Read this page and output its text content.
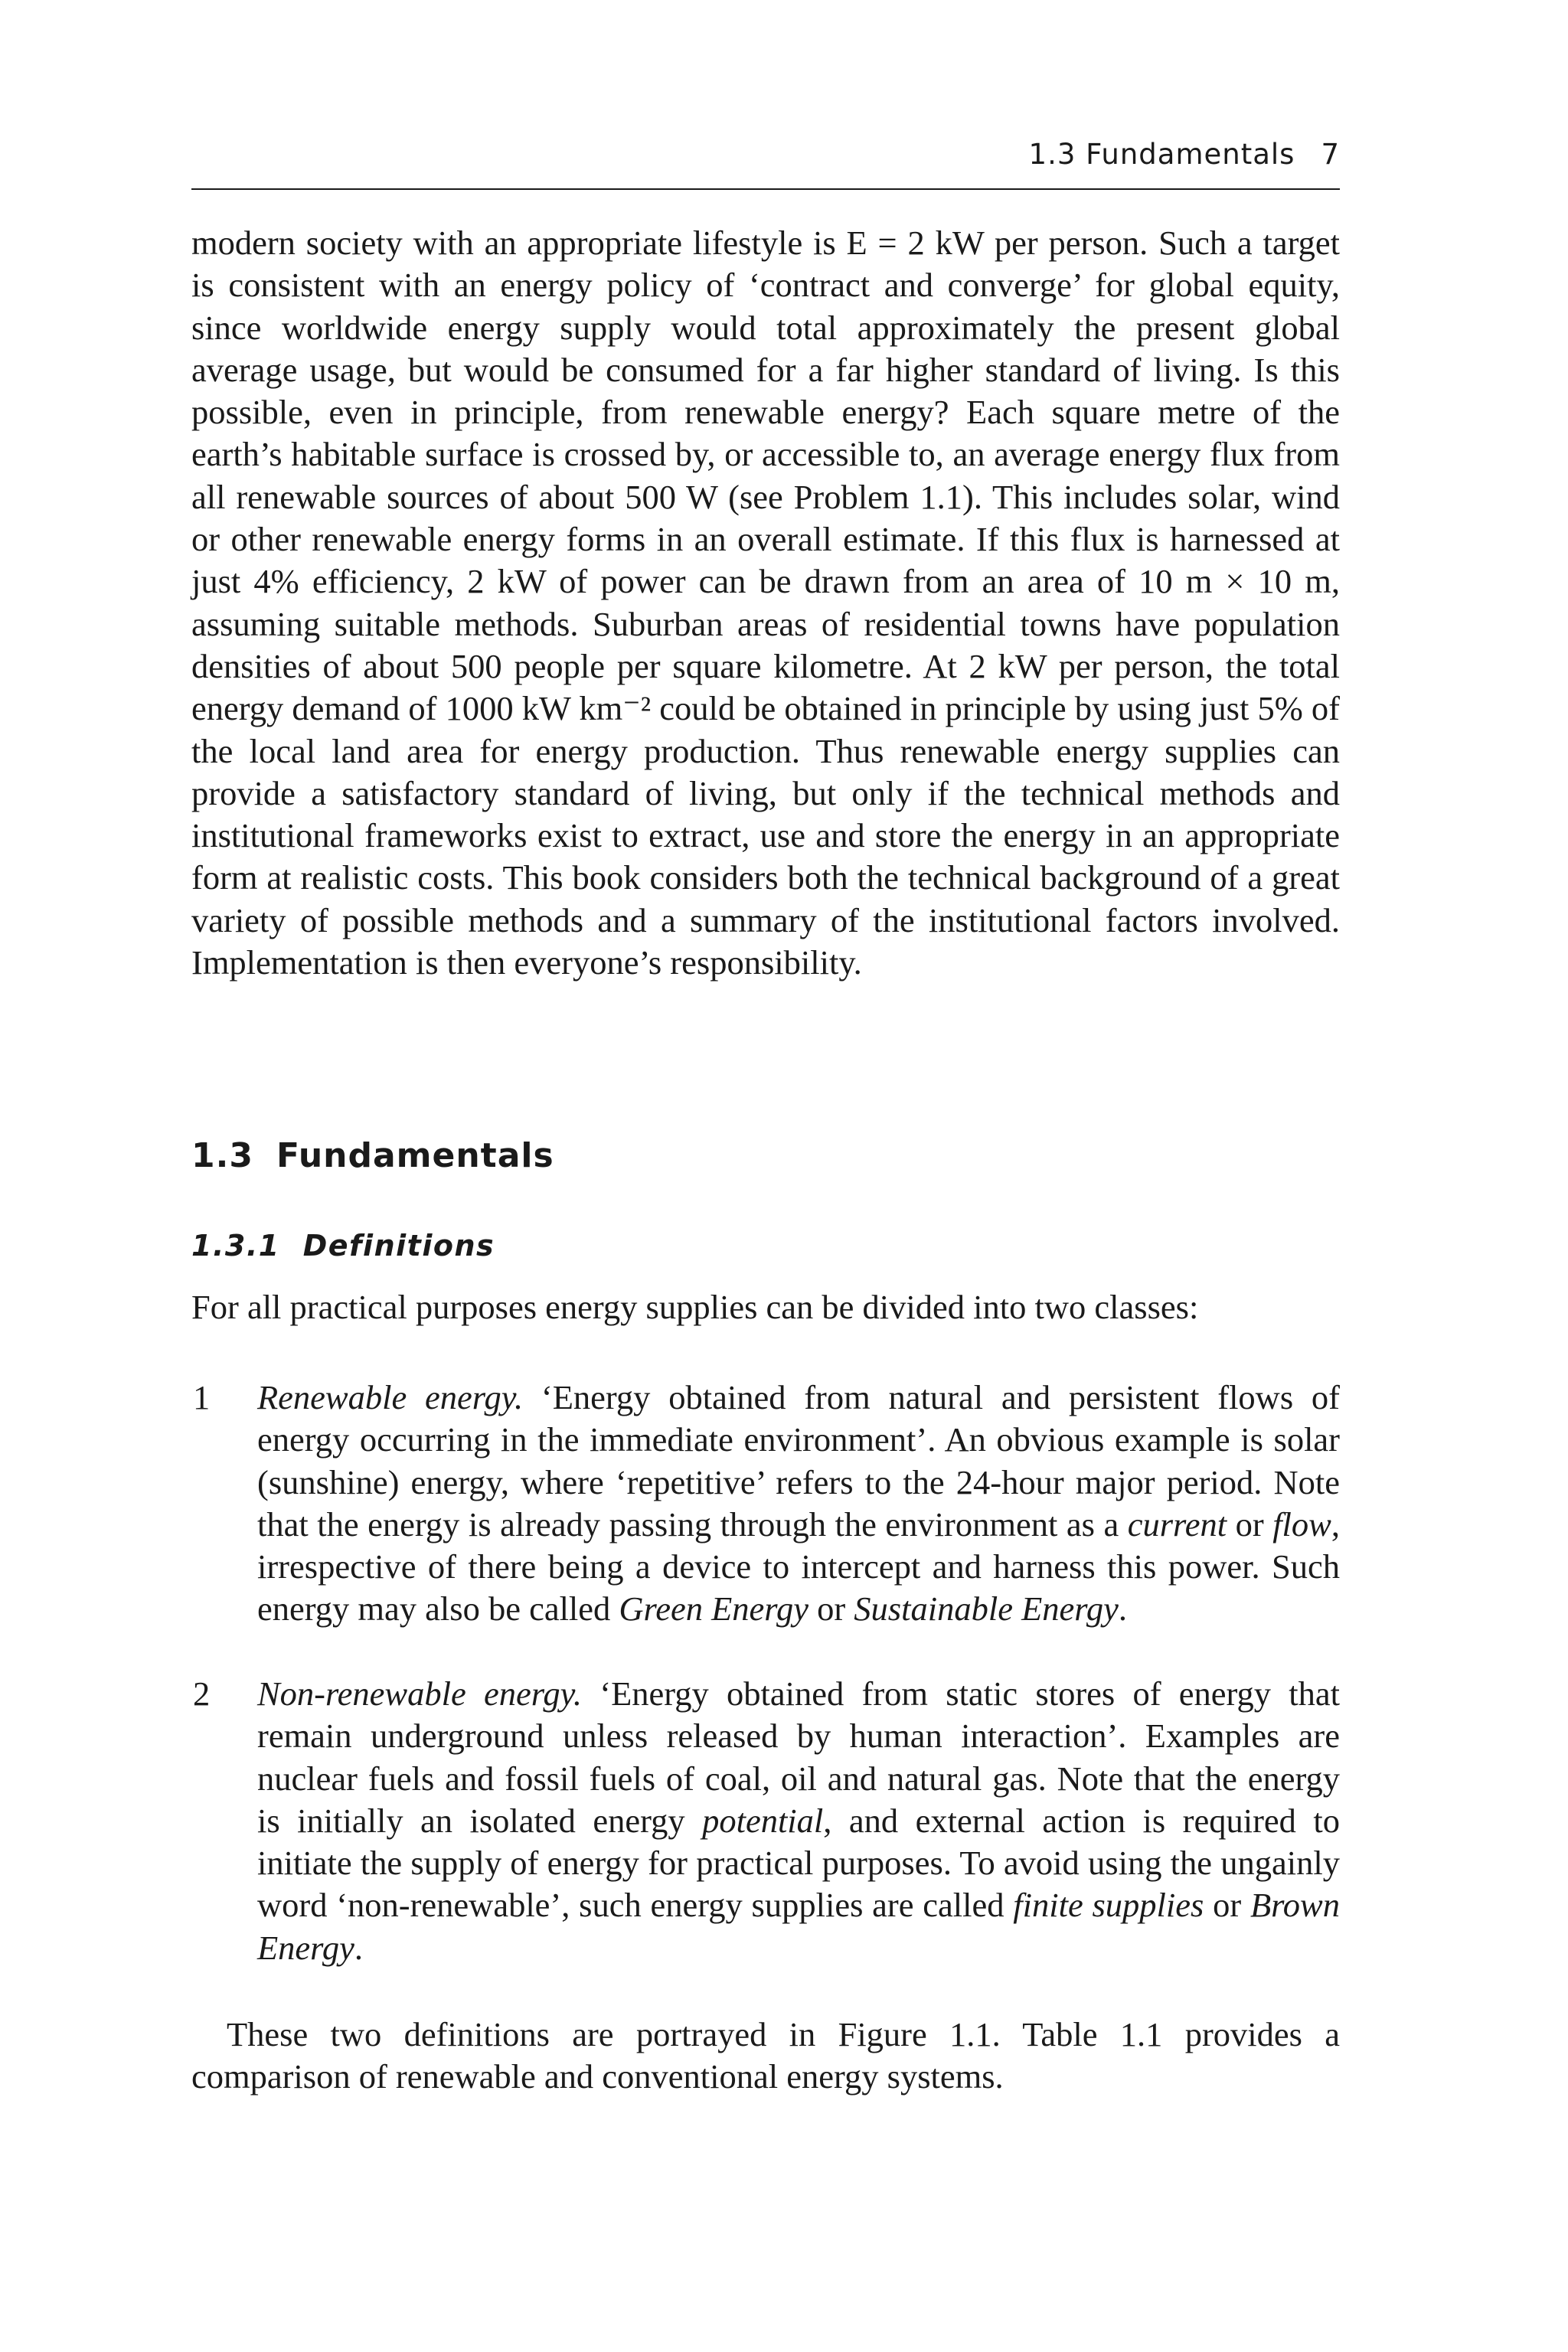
1.3 Fundamentals 7

modern society with an appropriate lifestyle is E = 2 kW per person. Such a target is consistent with an energy policy of ‘contract and converge’ for global equity, since worldwide energy supply would total approximately the present global average usage, but would be consumed for a far higher standard of living. Is this possible, even in principle, from renewable energy? Each square metre of the earth’s habitable surface is crossed by, or accessible to, an average energy flux from all renewable sources of about 500 W (see Problem 1.1). This includes solar, wind or other renewable energy forms in an overall estimate. If this flux is harnessed at just 4% efficiency, 2 kW of power can be drawn from an area of 10 m × 10 m, assuming suitable methods. Suburban areas of residential towns have population densities of about 500 people per square kilometre. At 2 kW per person, the total energy demand of 1000 kW km⁻² could be obtained in principle by using just 5% of the local land area for energy production. Thus renewable energy supplies can provide a satisfactory standard of living, but only if the technical methods and institutional frameworks exist to extract, use and store the energy in an appropriate form at realistic costs. This book considers both the technical background of a great variety of possible methods and a summary of the institutional factors involved. Implementation is then everyone’s responsibility.

1.3 Fundamentals
1.3.1 Definitions

For all practical purposes energy supplies can be divided into two classes:

1 Renewable energy. ‘Energy obtained from natural and persistent flows of energy occurring in the immediate environment’. An obvious example is solar (sunshine) energy, where ‘repetitive’ refers to the 24-hour major period. Note that the energy is already passing through the environment as a current or flow, irrespective of there being a device to intercept and harness this power. Such energy may also be called Green Energy or Sustainable Energy.
2 Non-renewable energy. ‘Energy obtained from static stores of energy that remain underground unless released by human interaction’. Examples are nuclear fuels and fossil fuels of coal, oil and natural gas. Note that the energy is initially an isolated energy potential, and external action is required to initiate the supply of energy for practical purposes. To avoid using the ungainly word ‘non-renewable’, such energy supplies are called finite supplies or Brown Energy.

These two definitions are portrayed in Figure 1.1. Table 1.1 provides a comparison of renewable and conventional energy systems.
